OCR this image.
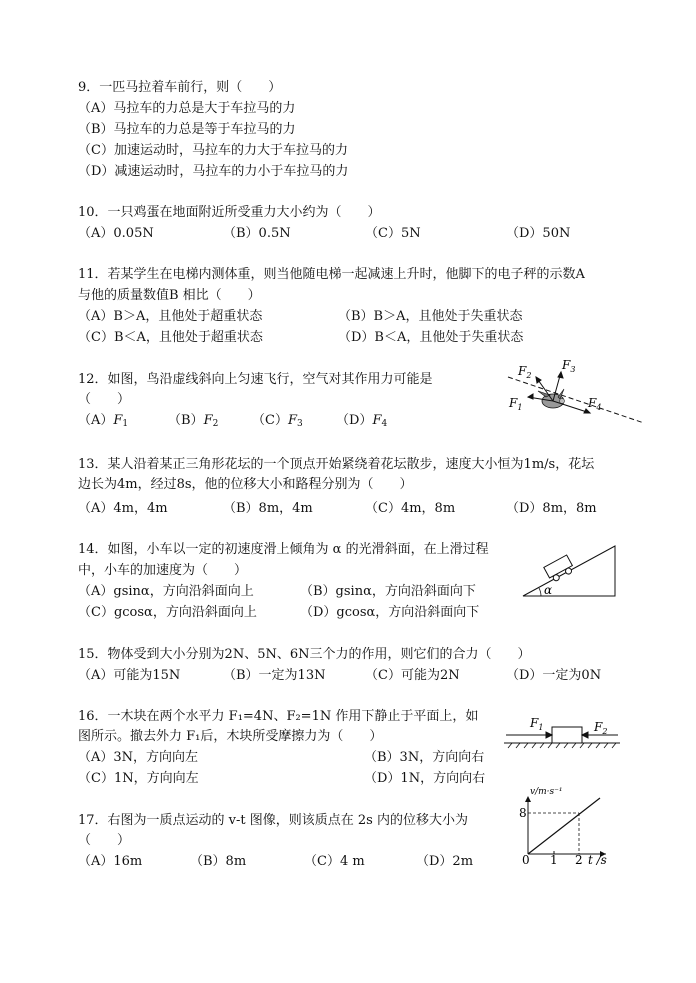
9．一匹马拉着车前行，则（　　）
（A）马拉车的力总是大于车拉马的力
（B）马拉车的力总是等于车拉马的力
（C）加速运动时，马拉车的力大于车拉马的力
（D）减速运动时，马拉车的力小于车拉马的力
10．一只鸡蛋在地面附近所受重力大小约为（　　）
（A）0.05N	（B）0.5N	（C）5N	（D）50N
11．若某学生在电梯内测体重，则当他随电梯一起减速上升时，他脚下的电子秤的示数A
与他的质量数值B 相比（　　）
（A）B＞A，且他处于超重状态	（B）B＞A，且他处于失重状态
（C）B＜A，且他处于超重状态	（D）B＜A，且他处于失重状态
12．如图，鸟沿虚线斜向上匀速飞行，空气对其作用力可能是
（　　）
$(A)F_1$	$(B)F_2$	$(C)F_3$	$(D)F_4$
$F_2$
$F_3$
$F_1$	$F_4$
13．某人沿着某正三角形花坛的一个顶点开始紧绕着花坛散步，速度大小恒为1m/s，花坛
边长为4m，经过8s，他的位移大小和路程分别为（　　）
（A）4m，4m	（B）8m，4m	（C）4m，8m	（D）8m，8m
14．如图，小车以一定的初速度滑上倾角为 α 的光滑斜面，在上滑过程
中，小车的加速度为（　　）
（A）gsinα，方向沿斜面向上	（B）gsinα，方向沿斜面向下
（C）gcosα，方向沿斜面向上	（D）gcosα，方向沿斜面向下
α
15．物体受到大小分别为2N、5N、6N三个力的作用，则它们的合力（　　）
（A）可能为15N	（B）一定为13N	（C）可能为2N	（D）一定为0N
16．一木块在两个水平力 F₁=4N、F₂=1N 作用下静止于平面上，如
图所示。撤去外力 F₁后，木块所受摩擦力为（　　）
（A）3N，方向向左	（B）3N，方向向右
（C）1N，方向向左	（D）1N，方向向右
$F_1$	$F_2$
17．右图为一质点运动的 v-t 图像，则该质点在 2s 内的位移大小为
（　　）
（A）16m	（B）8m	（C）4 m	（D）2m
v/m·s⁻¹
t /s
8
0 1 2
